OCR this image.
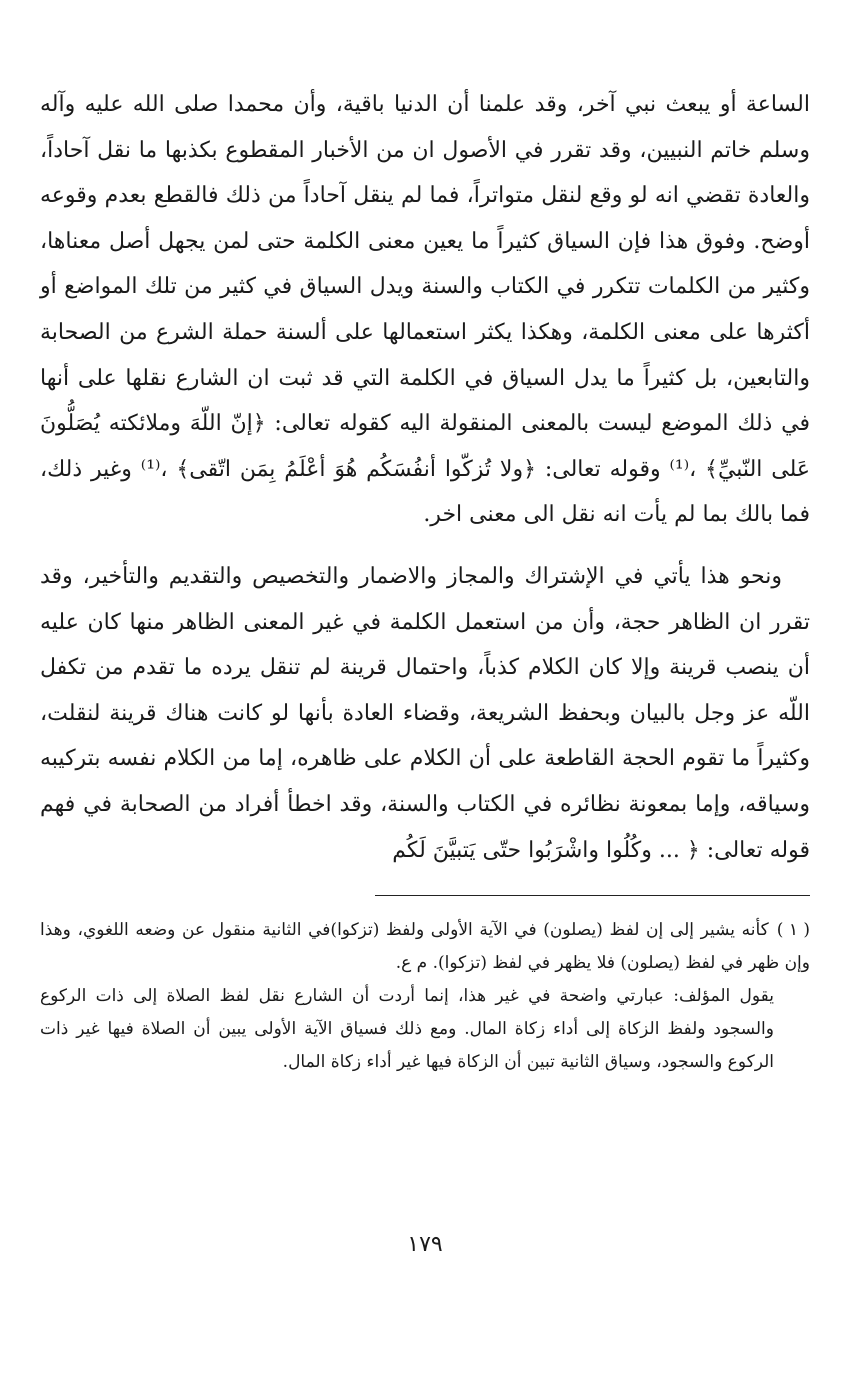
الساعة أو يبعث نبي آخر، وقد علمنا أن الدنيا باقية، وأن محمدا صلى الله عليه وآله وسلم خاتم النبيين، وقد تقرر في الأصول ان من الأخبار المقطوع بكذبها ما نقل آحاداً، والعادة تقضي انه لو وقع لنقل متواتراً، فما لم ينقل آحاداً من ذلك فالقطع بعدم وقوعه أوضح. وفوق هذا فإن السياق كثيراً ما يعين معنى الكلمة حتى لمن يجهل أصل معناها، وكثير من الكلمات تتكرر في الكتاب والسنة ويدل السياق في كثير من تلك المواضع أو أكثرها على معنى الكلمة، وهكذا يكثر استعمالها على ألسنة حملة الشرع من الصحابة والتابعين، بل كثيراً ما يدل السياق في الكلمة التي قد ثبت ان الشارع نقلها على أنها في ذلك الموضع ليست بالمعنى المنقولة اليه كقوله تعالى: ﴿إنّ اللّهَ وملائكته يُصَلُّونَ عَلى النّبيِّ﴾ ،⁽¹⁾ وقوله تعالى: ﴿ولا تُزكّوا أنفُسَكُم هُوَ أعْلَمُ بِمَن اتّقى﴾ ،⁽¹⁾ وغير ذلك، فما بالك بما لم يأت انه نقل الى معنى اخر.

ونحو هذا يأتي في الإشتراك والمجاز والاضمار والتخصيص والتقديم والتأخير، وقد تقرر ان الظاهر حجة، وأن من استعمل الكلمة في غير المعنى الظاهر منها كان عليه أن ينصب قرينة وإلا كان الكلام كذباً، واحتمال قرينة لم تنقل يرده ما تقدم من تكفل اللّه عز وجل بالبيان وبحفظ الشريعة، وقضاء العادة بأنها لو كانت هناك قرينة لنقلت، وكثيراً ما تقوم الحجة القاطعة على أن الكلام على ظاهره، إما من الكلام نفسه بتركيبه وسياقه، وإما بمعونة نظائره في الكتاب والسنة، وقد اخطأ أفراد من الصحابة في فهم قوله تعالى: ﴿ ... وكُلُوا واشْرَبُوا حتّى يَتبيَّنَ لَكُم

( ١ )كأنه يشير إلى إن لفظ (يصلون) في الآية الأولى ولفظ (تزكوا)في الثانية منقول عن وضعه اللغوي، وهذا وإن ظهر في لفظ (يصلون) فلا يظهر في لفظ (تزكوا). م ع.

يقول المؤلف: عبارتي واضحة في غير هذا، إنما أردت أن الشارع نقل لفظ الصلاة إلى ذات الركوع والسجود ولفظ الزكاة إلى أداء زكاة المال. ومع ذلك فسياق الآية الأولى يبين أن الصلاة فيها غير ذات الركوع والسجود، وسياق الثانية تبين أن الزكاة فيها غير أداء زكاة المال.

١٧٩
